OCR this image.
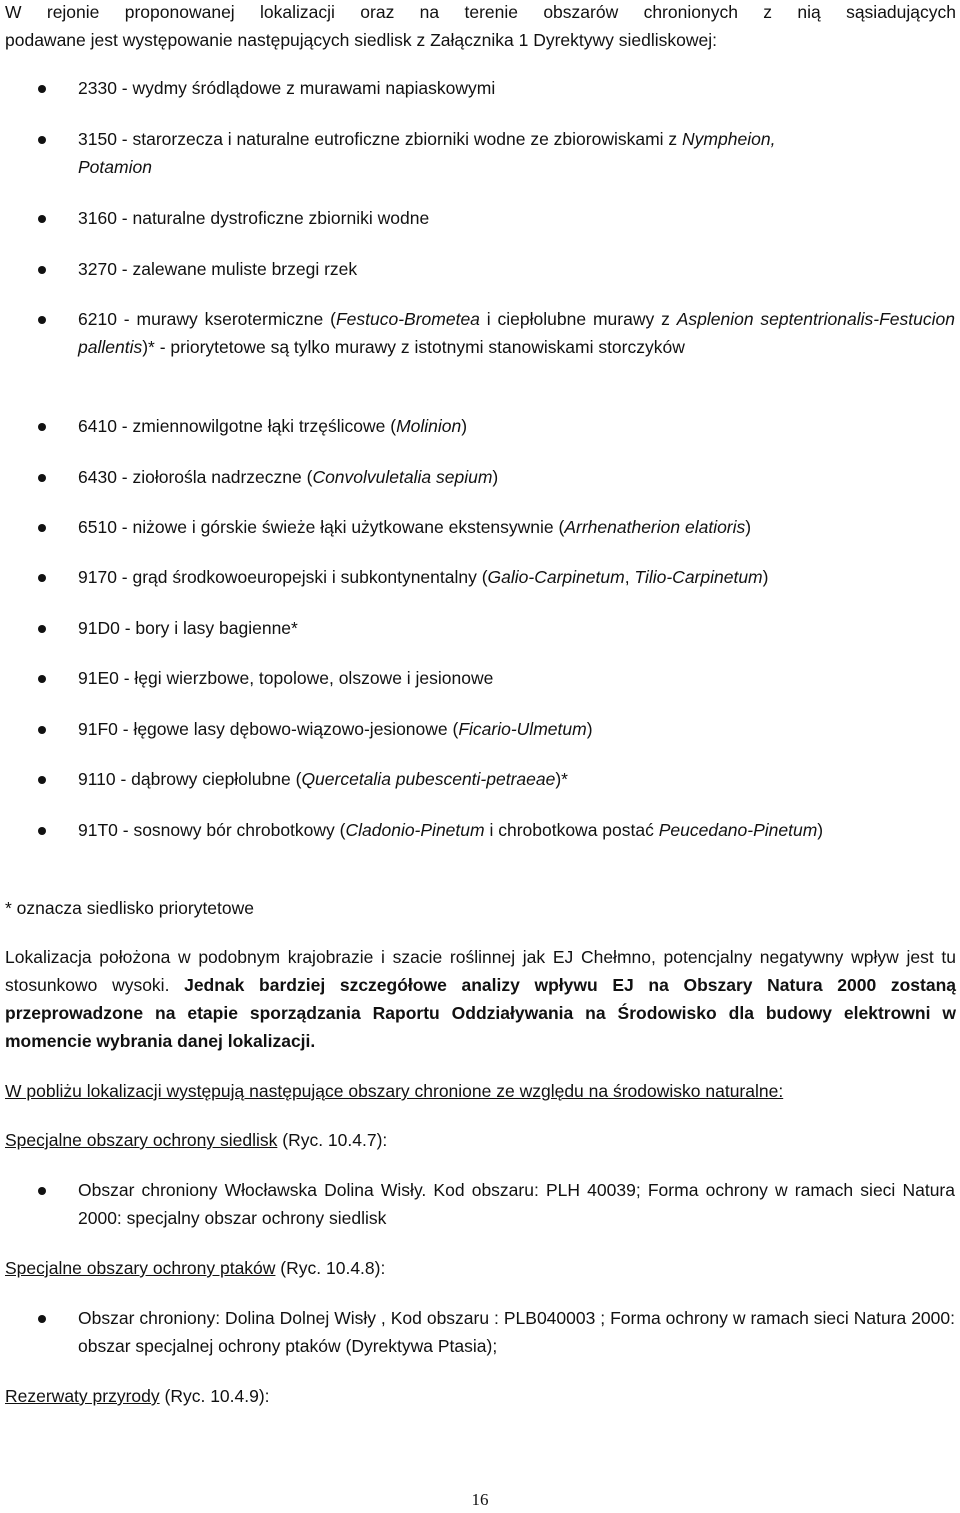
W rejonie proponowanej lokalizacji oraz na terenie obszarów chronionych z nią sąsiadujących

podawane jest występowanie następujących siedlisk z Załącznika 1 Dyrektywy siedliskowej:

2330 - wydmy śródlądowe z murawami napiaskowymi

3150 - starorzecza i naturalne eutroficzne zbiorniki wodne ze zbiorowiskami z Nympheion,
Potamion

3160 - naturalne dystroficzne zbiorniki wodne

3270 - zalewane muliste brzegi rzek

6210 - murawy kserotermiczne (Festuco-Brometea i ciepłolubne murawy z Asplenion septentrionalis-Festucion pallentis)* - priorytetowe są tylko murawy z istotnymi stanowiskami storczyków

6410 - zmiennowilgotne łąki trzęślicowe (Molinion)

6430 - ziołorośla nadrzeczne (Convolvuletalia sepium)

6510 - niżowe i górskie świeże łąki użytkowane ekstensywnie (Arrhenatherion elatioris)

9170 - grąd środkowoeuropejski i subkontynentalny (Galio-Carpinetum, Tilio-Carpinetum)

91D0 - bory i lasy bagienne*

91E0 - łęgi wierzbowe, topolowe, olszowe i jesionowe

91F0 - łęgowe lasy dębowo-wiązowo-jesionowe (Ficario-Ulmetum)

9110 - dąbrowy ciepłolubne (Quercetalia pubescenti-petraeae)*

91T0 - sosnowy bór chrobotkowy (Cladonio-Pinetum i chrobotkowa postać Peucedano-Pinetum)

* oznacza siedlisko priorytetowe

Lokalizacja położona w podobnym krajobrazie i szacie roślinnej jak EJ Chełmno, potencjalny negatywny wpływ jest tu stosunkowo wysoki. Jednak bardziej szczegółowe analizy wpływu EJ na Obszary Natura 2000 zostaną przeprowadzone na etapie sporządzania Raportu Oddziaływania na Środowisko dla budowy elektrowni w momencie wybrania danej lokalizacji.

W pobliżu lokalizacji występują następujące obszary chronione ze względu na środowisko naturalne:

Specjalne obszary ochrony siedlisk (Ryc. 10.4.7):

Obszar chroniony Włocławska Dolina Wisły. Kod obszaru: PLH 40039; Forma ochrony w ramach sieci Natura 2000: specjalny obszar ochrony siedlisk

Specjalne obszary ochrony ptaków (Ryc. 10.4.8):

Obszar chroniony: Dolina Dolnej Wisły , Kod obszaru : PLB040003 ; Forma ochrony w ramach sieci Natura 2000: obszar specjalnej ochrony ptaków (Dyrektywa Ptasia);

Rezerwaty przyrody (Ryc. 10.4.9):

16
